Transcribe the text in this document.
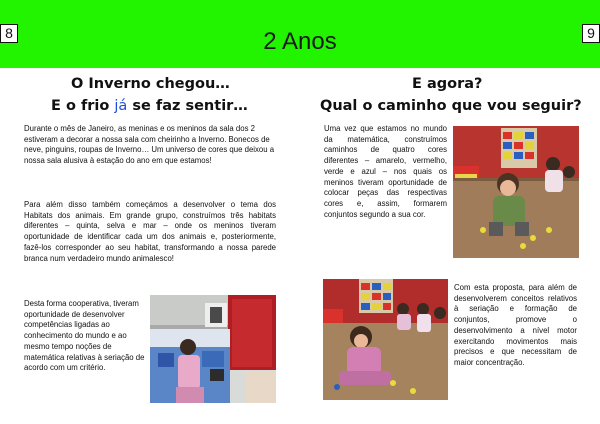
8	9
2 Anos
O Inverno chegou…
E o frio já se faz sentir…
Durante o mês de Janeiro, as meninas e os meninos da sala dos 2 estiveram a decorar a nossa sala com cheirinho a Inverno. Bonecos de neve, pinguins, roupas de Inverno… Um universo de cores que deixou a nossa sala alusiva à estação do ano em que estamos!
Para além disso também começámos a desenvolver o tema dos Habitats dos animais. Em grande grupo, construímos três habitats diferentes – quinta, selva e mar – onde os meninos tiveram oportunidade de identificar cada um dos animais e, posteriormente, fazê-los corresponder ao seu habitat, transformando a nossa parede branca num verdadeiro mundo animalesco!
Desta forma cooperativa, tiveram oportunidade de desenvolver competências ligadas ao conhecimento do mundo e ao mesmo tempo noções de matemática relativas à seriação de acordo com um critério.
E agora?
Qual o caminho que vou seguir?
Uma vez que estamos no mundo da matemática, construímos caminhos de quatro cores diferentes – amarelo, vermelho, verde e azul – nos quais os meninos tiveram oportunidade de colocar peças das respectivas cores e, assim, formarem conjuntos segundo a sua cor.
Com esta proposta, para além de desenvolverem conceitos relativos à seriação e formação de conjuntos, promove o desenvolvimento a nível motor exercitando movimentos mais precisos e que necessitam de maior concentração.
